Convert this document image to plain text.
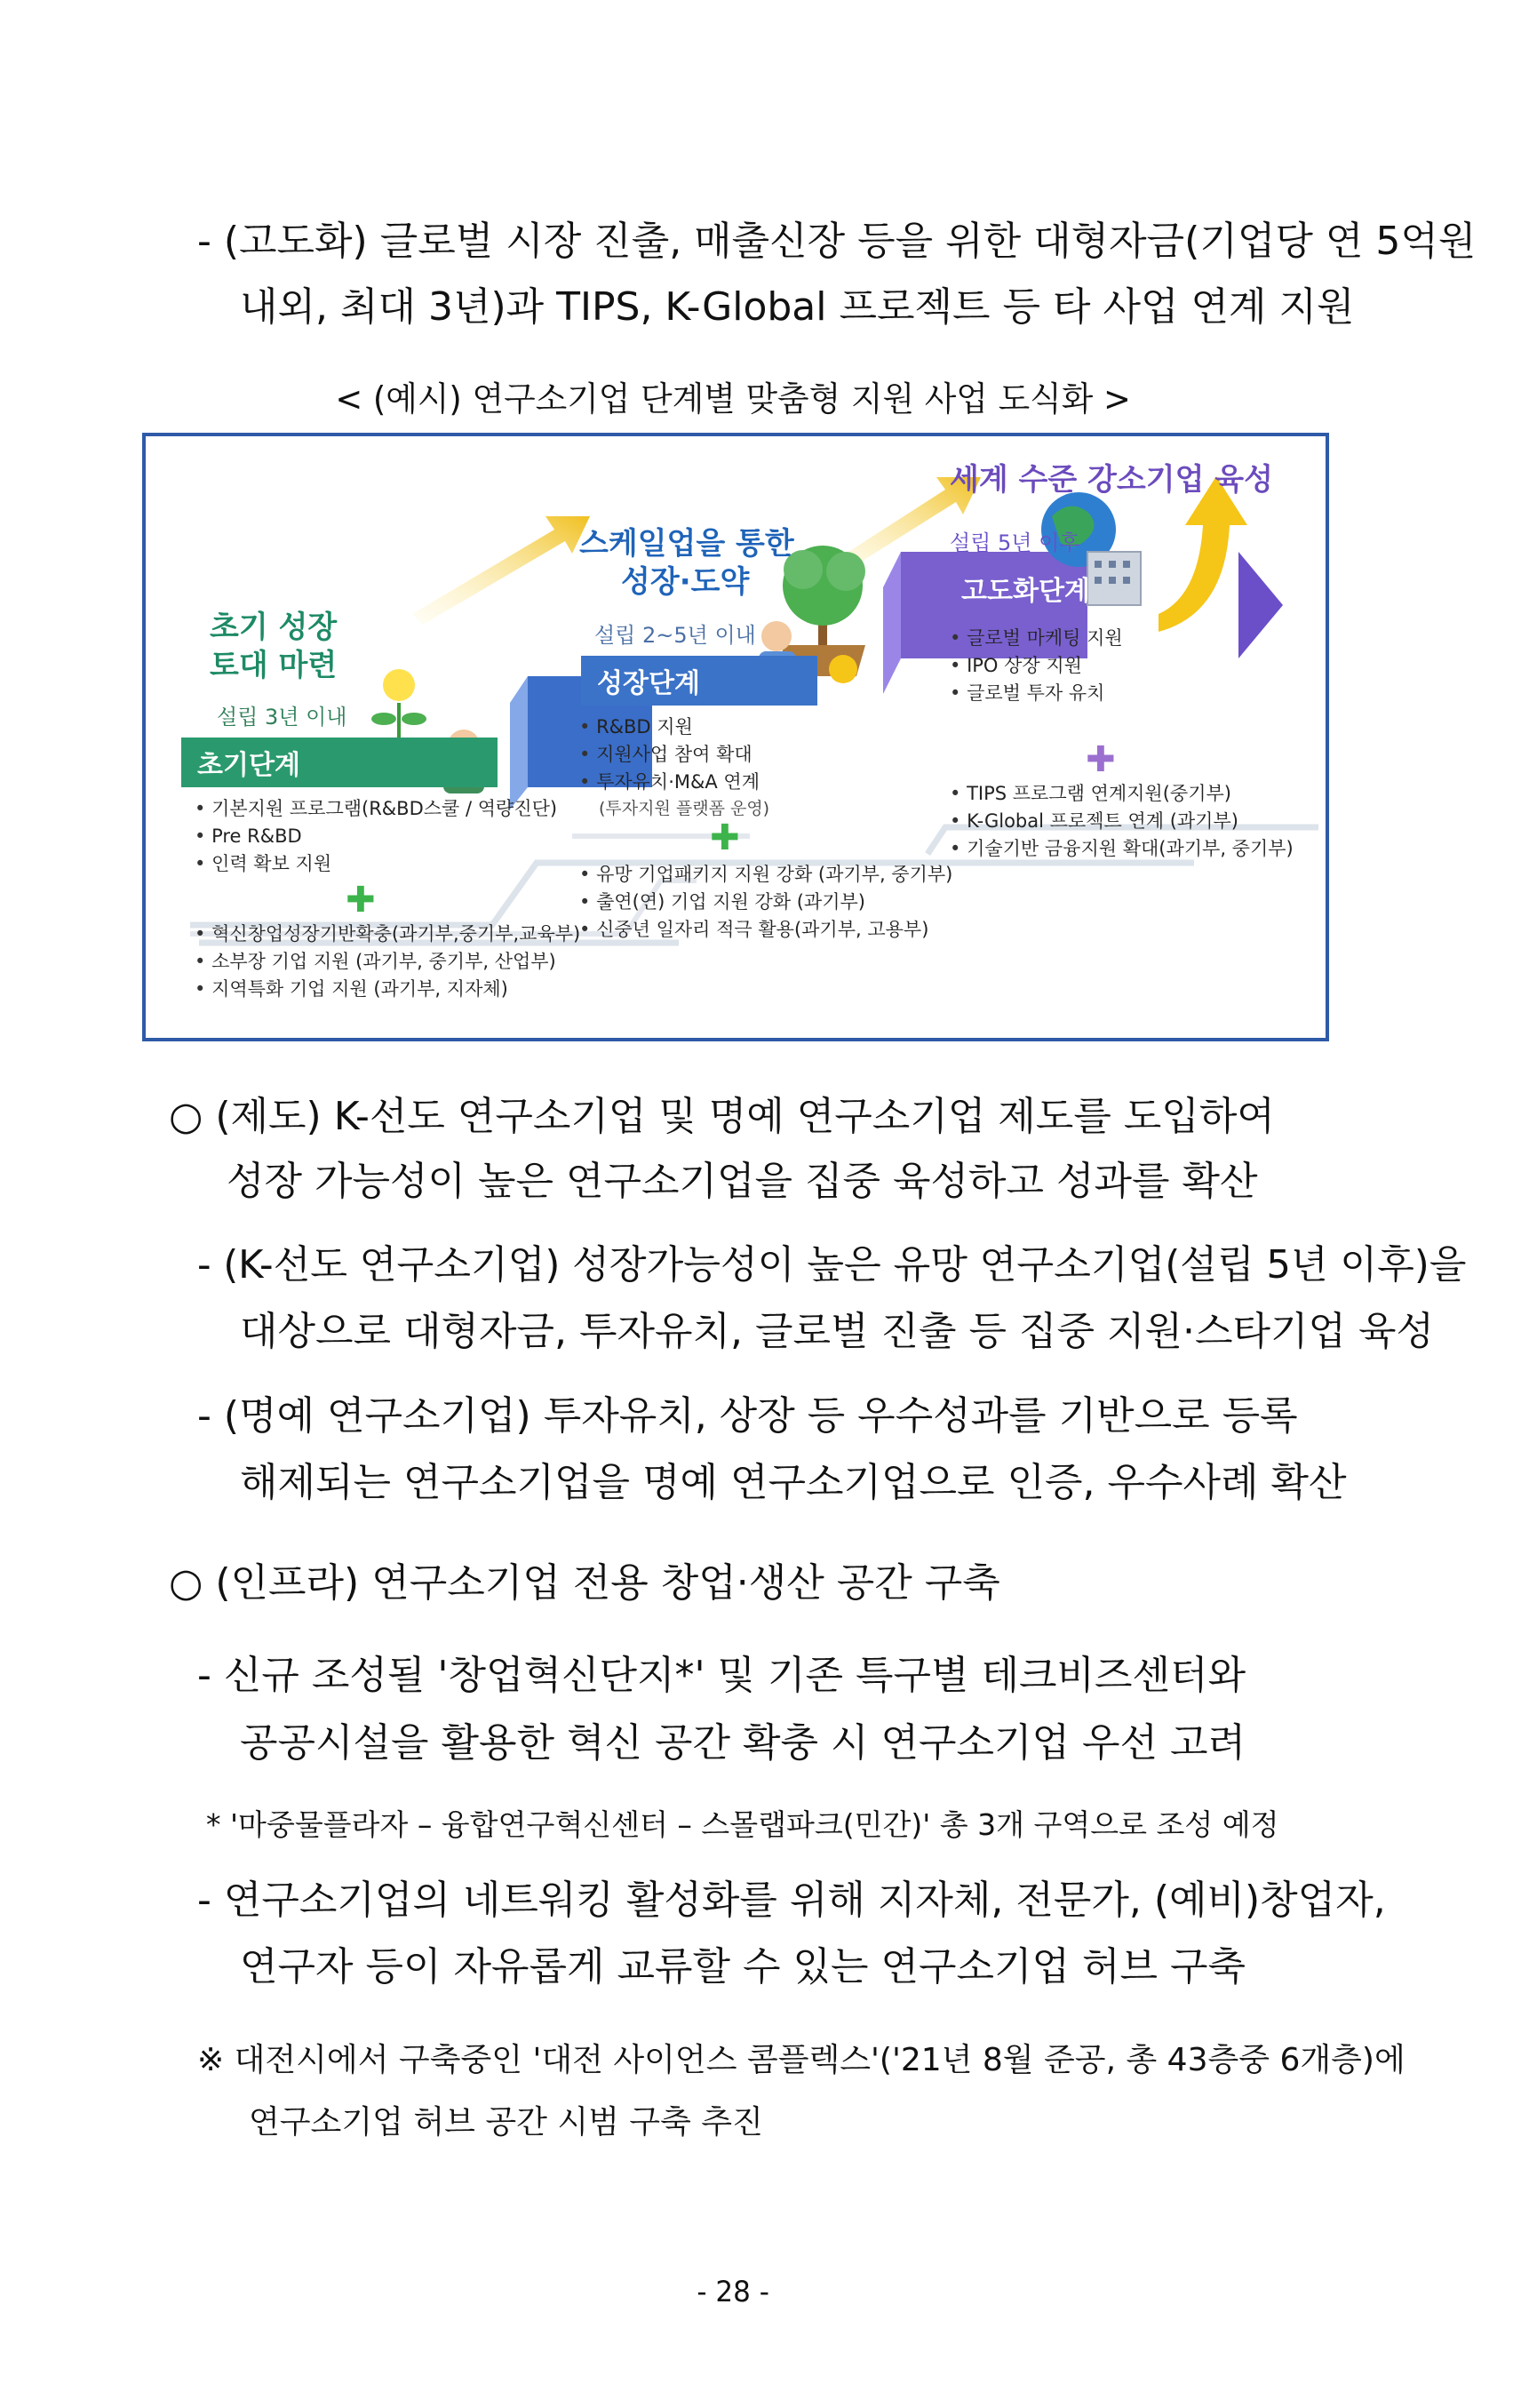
- (고도화) 글로벌 시장 진출, 매출신장 등을 위한 대형자금(기업당 연 5억원
내외, 최대 3년)과 TIPS, K-Global 프로젝트 등 타 사업 연계 지원
< (예시) 연구소기업 단계별 맞춤형 지원 사업 도식화 >
초기 성장
토대 마련
설립 3년 이내
초기단계
• 기본지원 프로그램(R&BD스쿨 / 역량진단)
• Pre R&BD
• 인력 확보 지원
✚
• 혁신창업성장기반확충(과기부,중기부,교육부)
• 소부장 기업 지원 (과기부, 중기부, 산업부)
• 지역특화 기업 지원 (과기부, 지자체)
스케일업을 통한
성장·도약
설립 2~5년 이내
성장단계
• R&BD 지원
• 지원사업 참여 확대
• 투자유치·M&A 연계
(투자지원 플랫폼 운영)
✚
• 유망 기업패키지 지원 강화 (과기부, 중기부)
• 출연(연) 기업 지원 강화 (과기부)
• 신중년 일자리 적극 활용(과기부, 고용부)
세계 수준 강소기업 육성
설립 5년 이후
고도화단계
• 글로벌 마케팅 지원
• IPO 상장 지원
• 글로벌 투자 유치
✚
• TIPS 프로그램 연계지원(중기부)
• K-Global 프로젝트 연계 (과기부)
• 기술기반 금융지원 확대(과기부, 중기부)
○ (제도) K-선도 연구소기업 및 명예 연구소기업 제도를 도입하여
성장 가능성이 높은 연구소기업을 집중 육성하고 성과를 확산
- (K-선도 연구소기업) 성장가능성이 높은 유망 연구소기업(설립 5년 이후)을
대상으로 대형자금, 투자유치, 글로벌 진출 등 집중 지원·스타기업 육성
- (명예 연구소기업) 투자유치, 상장 등 우수성과를 기반으로 등록
해제되는 연구소기업을 명예 연구소기업으로 인증, 우수사례 확산
○ (인프라) 연구소기업 전용 창업·생산 공간 구축
- 신규 조성될 '창업혁신단지*' 및 기존 특구별 테크비즈센터와
공공시설을 활용한 혁신 공간 확충 시 연구소기업 우선 고려
* '마중물플라자 – 융합연구혁신센터 – 스몰랩파크(민간)' 총 3개 구역으로 조성 예정
- 연구소기업의 네트워킹 활성화를 위해 지자체, 전문가, (예비)창업자,
연구자 등이 자유롭게 교류할 수 있는 연구소기업 허브 구축
※ 대전시에서 구축중인 '대전 사이언스 콤플렉스'('21년 8월 준공, 총 43층중 6개층)에
연구소기업 허브 공간 시범 구축 추진
- 28 -
